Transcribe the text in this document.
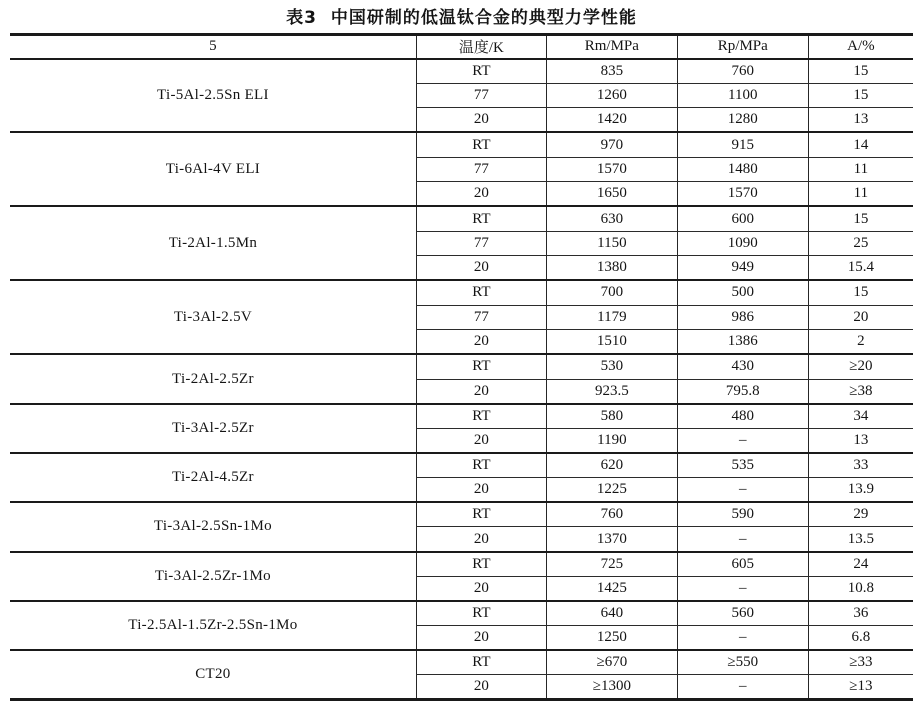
表3  中国研制的低温钛合金的典型力学性能
5	温度/K	Rm/MPa	Rp/MPa	A/%
Ti-5Al-2.5Sn ELI	RT	835	760	15
	77	1260	1100	15
	20	1420	1280	13
Ti-6Al-4V ELI	RT	970	915	14
	77	1570	1480	11
	20	1650	1570	11
Ti-2Al-1.5Mn	RT	630	600	15
	77	1150	1090	25
	20	1380	949	15.4
Ti-3Al-2.5V	RT	700	500	15
	77	1179	986	20
	20	1510	1386	2
Ti-2Al-2.5Zr	RT	530	430	≥20
	20	923.5	795.8	≥38
Ti-3Al-2.5Zr	RT	580	480	34
	20	1190	–	13
Ti-2Al-4.5Zr	RT	620	535	33
	20	1225	–	13.9
Ti-3Al-2.5Sn-1Mo	RT	760	590	29
	20	1370	–	13.5
Ti-3Al-2.5Zr-1Mo	RT	725	605	24
	20	1425	–	10.8
Ti-2.5Al-1.5Zr-2.5Sn-1Mo	RT	640	560	36
	20	1250	–	6.8
CT20	RT	≥670	≥550	≥33
	20	≥1300	–	≥13
